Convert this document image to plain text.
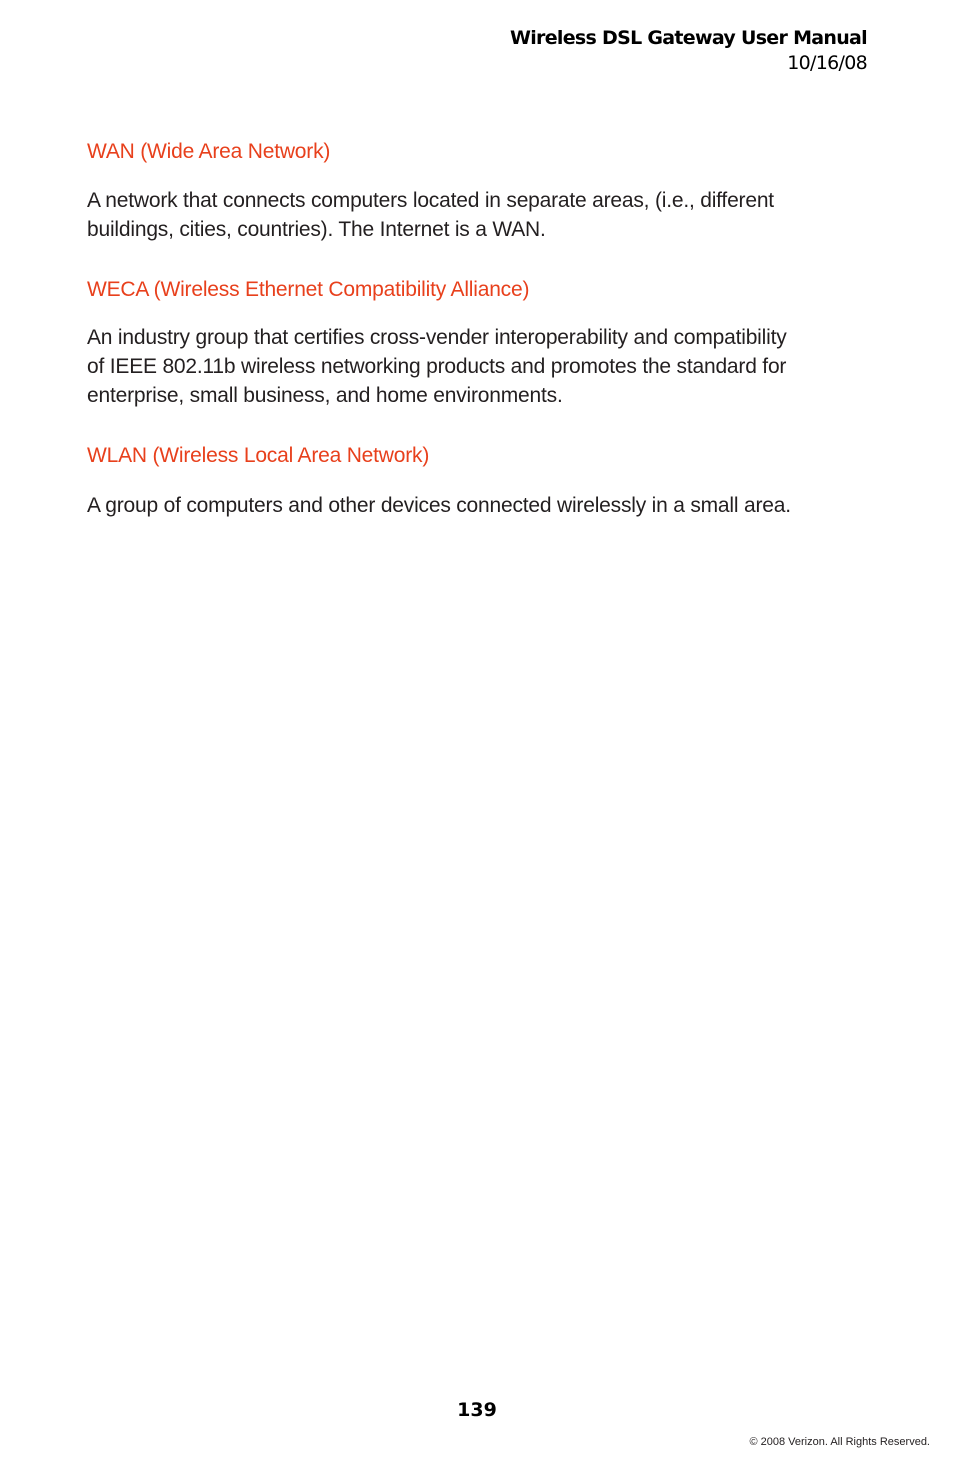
Wireless DSL Gateway User Manual
10/16/08

WAN (Wide Area Network)

A network that connects computers located in separate areas, (i.e., different
buildings, cities, countries). The Internet is a WAN.

WECA (Wireless Ethernet Compatibility Alliance)

An industry group that certifies cross-vender interoperability and compatibility
of IEEE 802.11b wireless networking products and promotes the standard for
enterprise, small business, and home environments.

WLAN (Wireless Local Area Network)

A group of computers and other devices connected wirelessly in a small area.

139
© 2008 Verizon. All Rights Reserved.
